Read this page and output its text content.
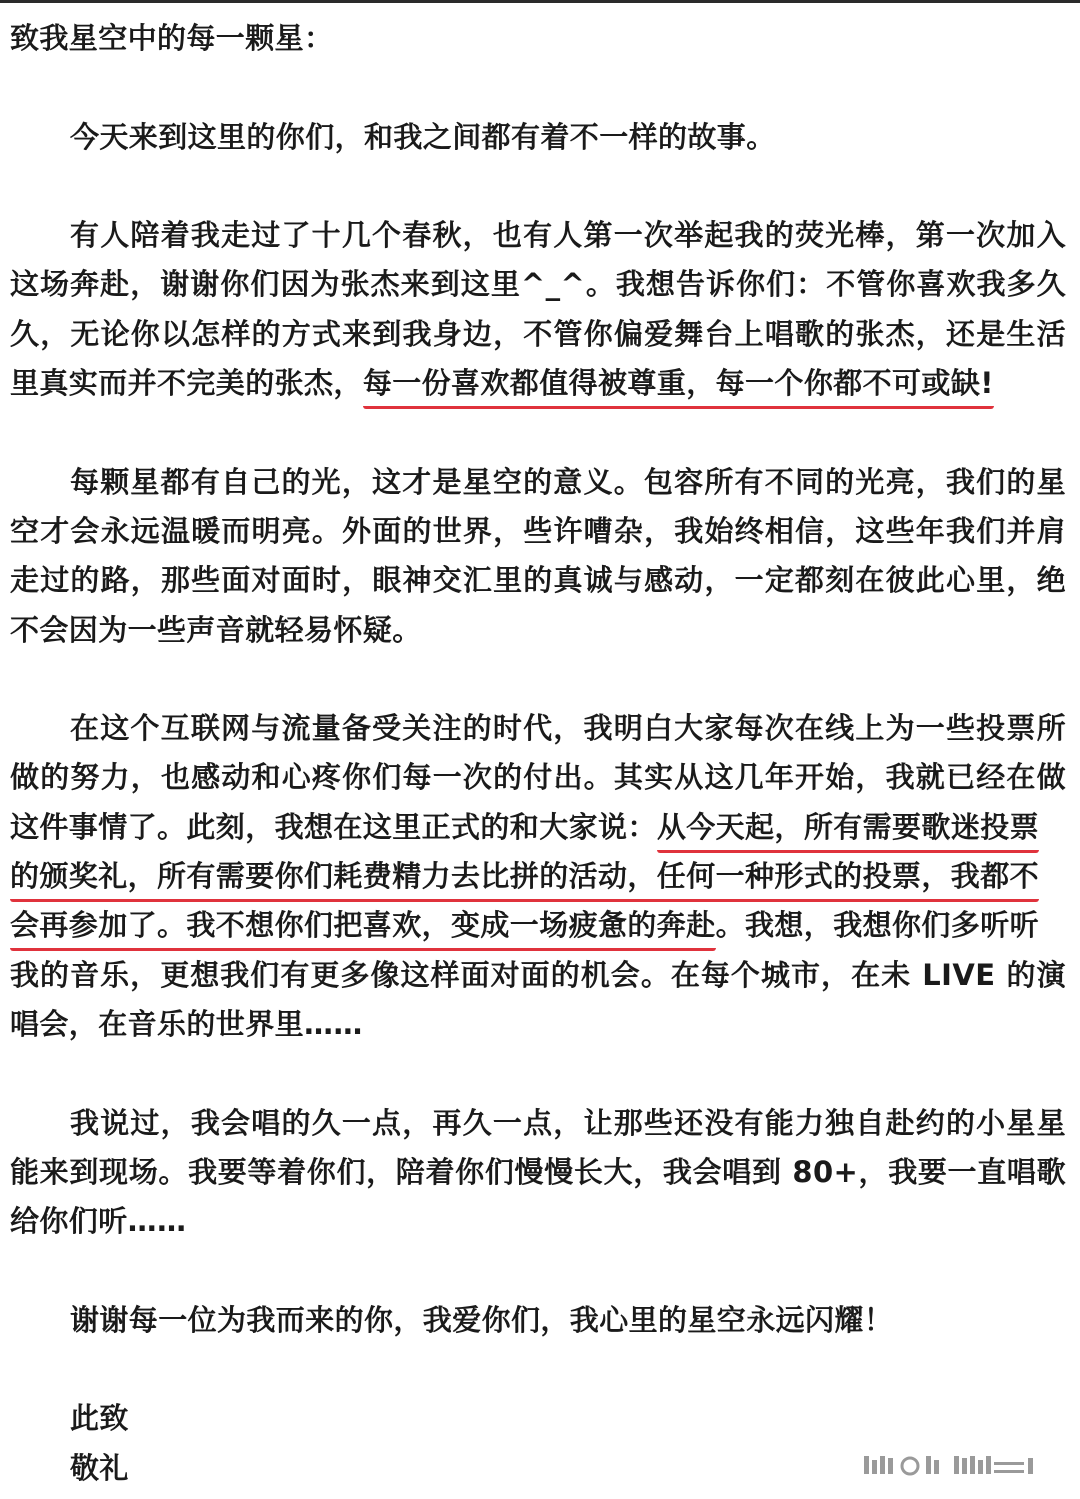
致我星空中的每一颗星：
今天来到这里的你们，和我之间都有着不一样的故事。
有人陪着我走过了十几个春秋，也有人第一次举起我的荧光棒，第一次加入
这场奔赴，谢谢你们因为张杰来到这里^_^。我想告诉你们：不管你喜欢我多久
久，无论你以怎样的方式来到我身边，不管你偏爱舞台上唱歌的张杰，还是生活
里真实而并不完美的张杰，每一份喜欢都值得被尊重，每一个你都不可或缺!
每颗星都有自己的光，这才是星空的意义。包容所有不同的光亮，我们的星
空才会永远温暖而明亮。外面的世界，些许嘈杂，我始终相信，这些年我们并肩
走过的路，那些面对面时，眼神交汇里的真诚与感动，一定都刻在彼此心里，绝
不会因为一些声音就轻易怀疑。
在这个互联网与流量备受关注的时代，我明白大家每次在线上为一些投票所
做的努力，也感动和心疼你们每一次的付出。其实从这几年开始，我就已经在做
这件事情了。此刻，我想在这里正式的和大家说：从今天起，所有需要歌迷投票
的颁奖礼，所有需要你们耗费精力去比拼的活动，任何一种形式的投票，我都不
会再参加了。我不想你们把喜欢，变成一场疲惫的奔赴。我想，我想你们多听听
我的音乐，更想我们有更多像这样面对面的机会。在每个城市，在未 LIVE 的演
唱会，在音乐的世界里……
我说过，我会唱的久一点，再久一点，让那些还没有能力独自赴约的小星星
能来到现场。我要等着你们，陪着你们慢慢长大，我会唱到 80+，我要一直唱歌
给你们听……
谢谢每一位为我而来的你，我爱你们，我心里的星空永远闪耀！
此致
敬礼
